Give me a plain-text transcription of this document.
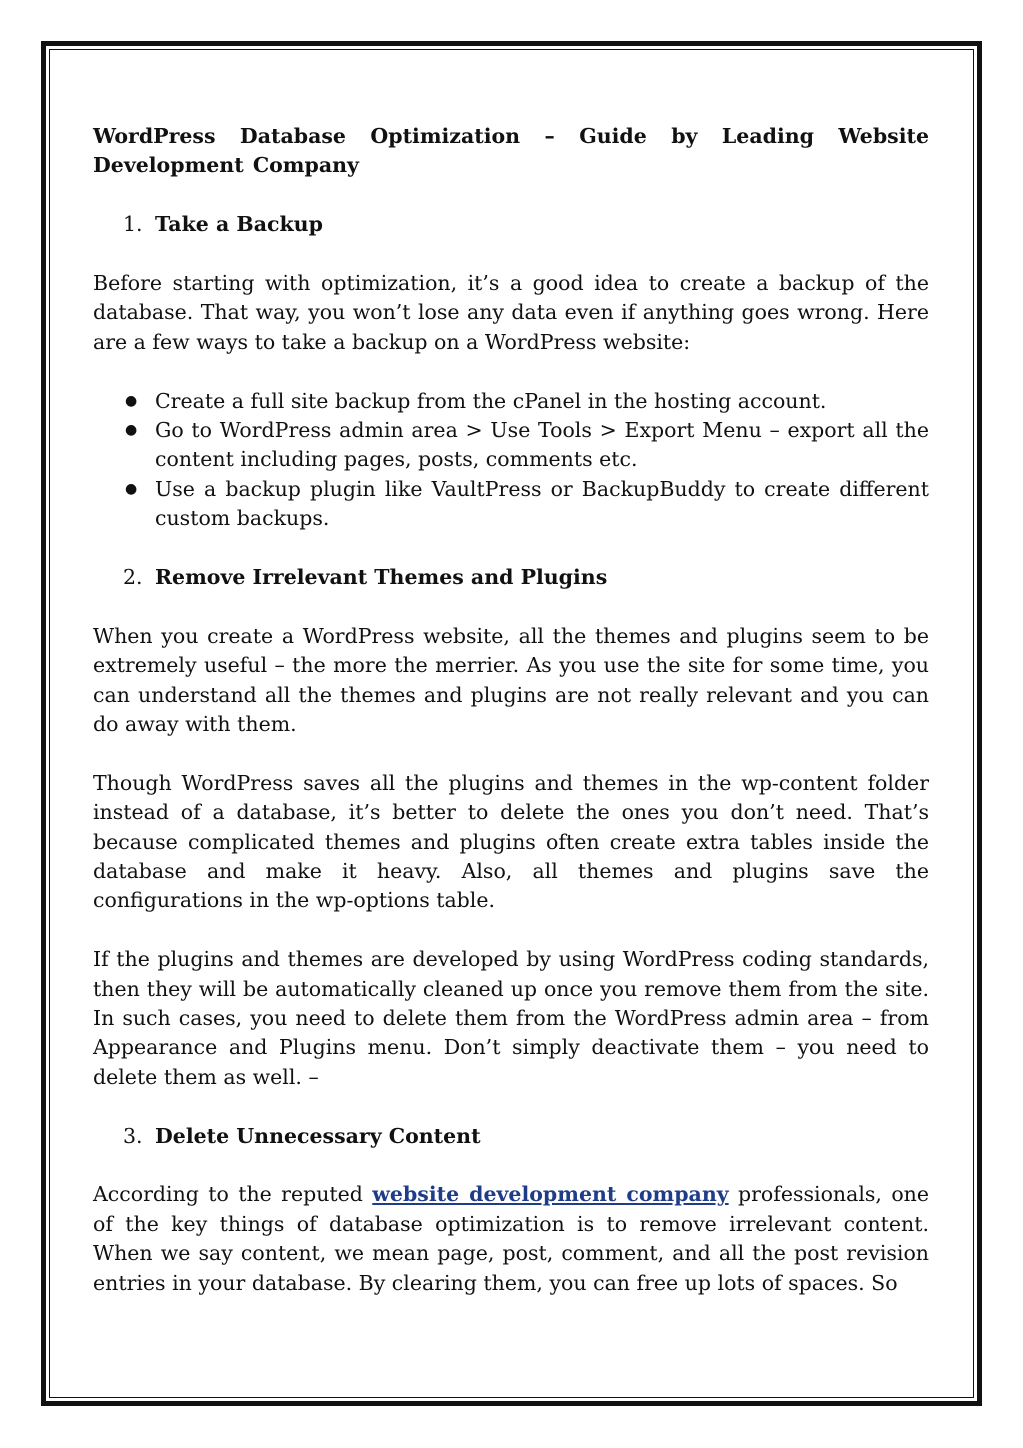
WordPress Database Optimization – Guide by Leading Website
Development Company
1. Take a Backup

Before starting with optimization, it’s a good idea to create a backup of the database. That way, you won’t lose any data even if anything goes wrong. Here are a few ways to take a backup on a WordPress website:

● Create a full site backup from the cPanel in the hosting account.
● Go to WordPress admin area > Use Tools > Export Menu – export all the content including pages, posts, comments etc.
● Use a backup plugin like VaultPress or BackupBuddy to create different custom backups.
2. Remove Irrelevant Themes and Plugins

When you create a WordPress website, all the themes and plugins seem to be extremely useful – the more the merrier. As you use the site for some time, you can understand all the themes and plugins are not really relevant and you can do away with them.

Though WordPress saves all the plugins and themes in the wp-content folder instead of a database, it’s better to delete the ones you don’t need. That’s because complicated themes and plugins often create extra tables inside the database and make it heavy. Also, all themes and plugins save the configurations in the wp-options table.

If the plugins and themes are developed by using WordPress coding standards, then they will be automatically cleaned up once you remove them from the site. In such cases, you need to delete them from the WordPress admin area – from Appearance and Plugins menu. Don’t simply deactivate them – you need to delete them as well. –

3. Delete Unnecessary Content

According to the reputed website development company professionals, one of the key things of database optimization is to remove irrelevant content. When we say content, we mean page, post, comment, and all the post revision entries in your database. By clearing them, you can free up lots of spaces. So
